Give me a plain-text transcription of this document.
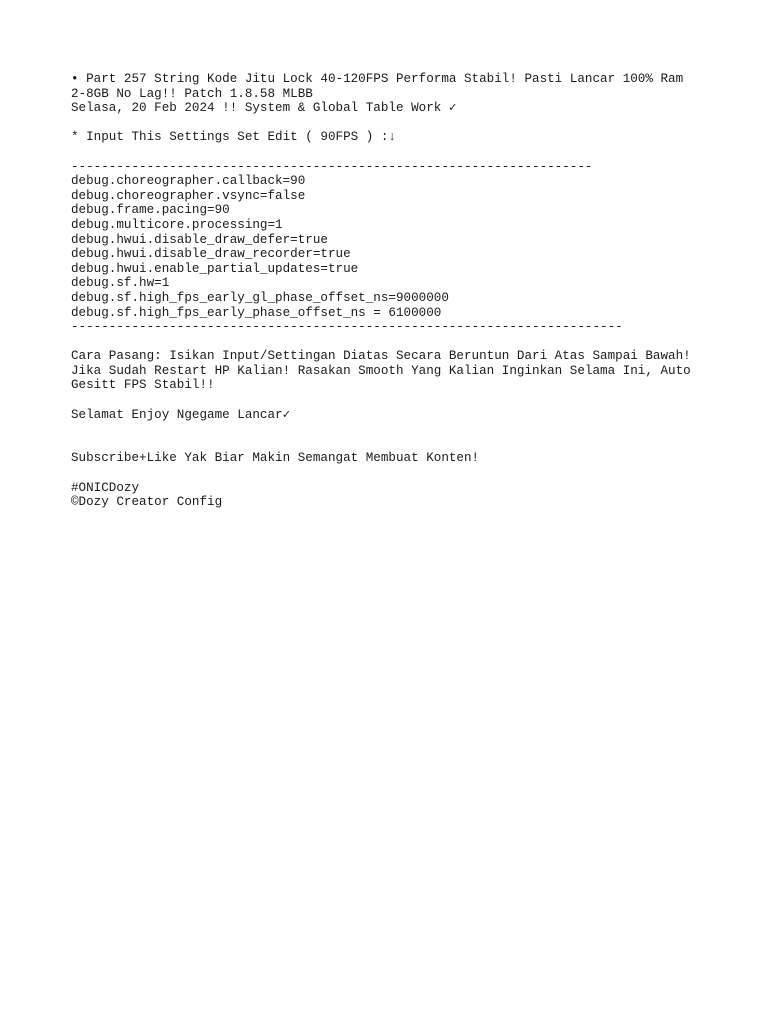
• Part 257 String Kode Jitu Lock 40-120FPS Performa Stabil! Pasti Lancar 100% Ram
2-8GB No Lag!! Patch 1.8.58 MLBB
Selasa, 20 Feb 2024 !! System & Global Table Work ✓
* Input This Settings Set Edit ( 90FPS ) :↓
---------------------------------------------------------------------
debug.choreographer.callback=90
debug.choreographer.vsync=false
debug.frame.pacing=90
debug.multicore.processing=1
debug.hwui.disable_draw_defer=true
debug.hwui.disable_draw_recorder=true
debug.hwui.enable_partial_updates=true
debug.sf.hw=1
debug.sf.high_fps_early_gl_phase_offset_ns=9000000
debug.sf.high_fps_early_phase_offset_ns = 6100000
-------------------------------------------------------------------------
Cara Pasang: Isikan Input/Settingan Diatas Secara Beruntun Dari Atas Sampai Bawah!
Jika Sudah Restart HP Kalian! Rasakan Smooth Yang Kalian Inginkan Selama Ini, Auto
Gesitt FPS Stabil!!
Selamat Enjoy Ngegame Lancar✓
Subscribe+Like Yak Biar Makin Semangat Membuat Konten!
#ONICDozy
©Dozy Creator Config
